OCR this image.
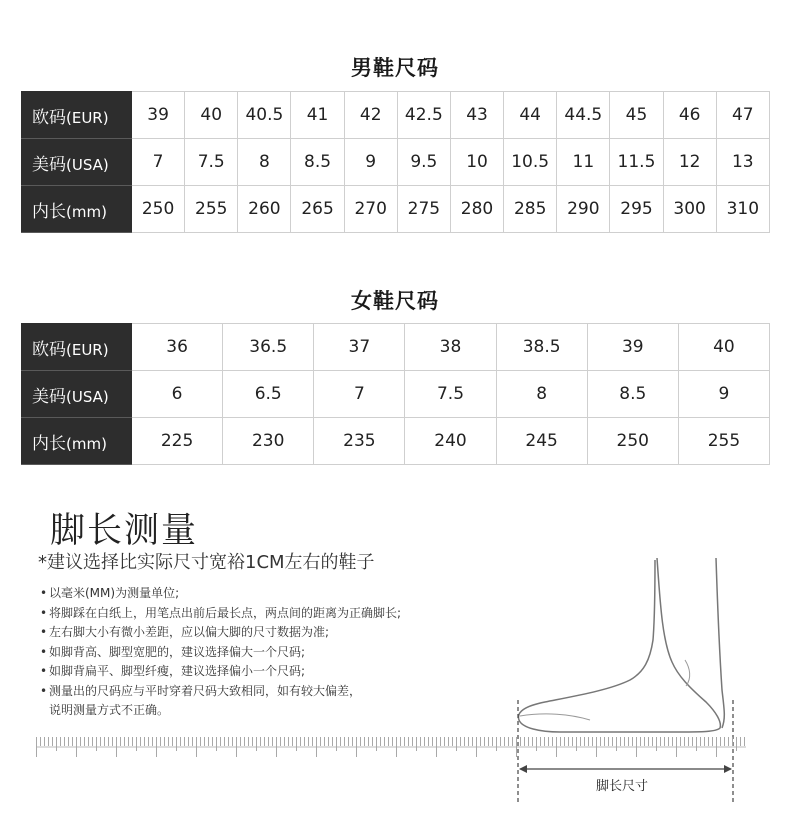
男鞋尺码
欧码(EUR)	39	40	40.5	41	42	42.5	43	44	44.5	45	46	47
美码(USA)	7	7.5	8	8.5	9	9.5	10	10.5	11	11.5	12	13
内长(mm)	250	255	260	265	270	275	280	285	290	295	300	310
女鞋尺码
欧码(EUR)	36	36.5	37	38	38.5	39	40
美码(USA)	6	6.5	7	7.5	8	8.5	9
内长(mm)	225	230	235	240	245	250	255
脚长测量
*建议选择比实际尺寸宽裕1CM左右的鞋子
• 以毫米(MM)为测量单位;
• 将脚踩在白纸上，用笔点出前后最长点，两点间的距离为正确脚长;
• 左右脚大小有微小差距，应以偏大脚的尺寸数据为准;
• 如脚背高、脚型宽肥的，建议选择偏大一个尺码;
• 如脚背扁平、脚型纤瘦，建议选择偏小一个尺码;
• 测量出的尺码应与平时穿着尺码大致相同，如有较大偏差，
说明测量方式不正确。
脚长尺寸
